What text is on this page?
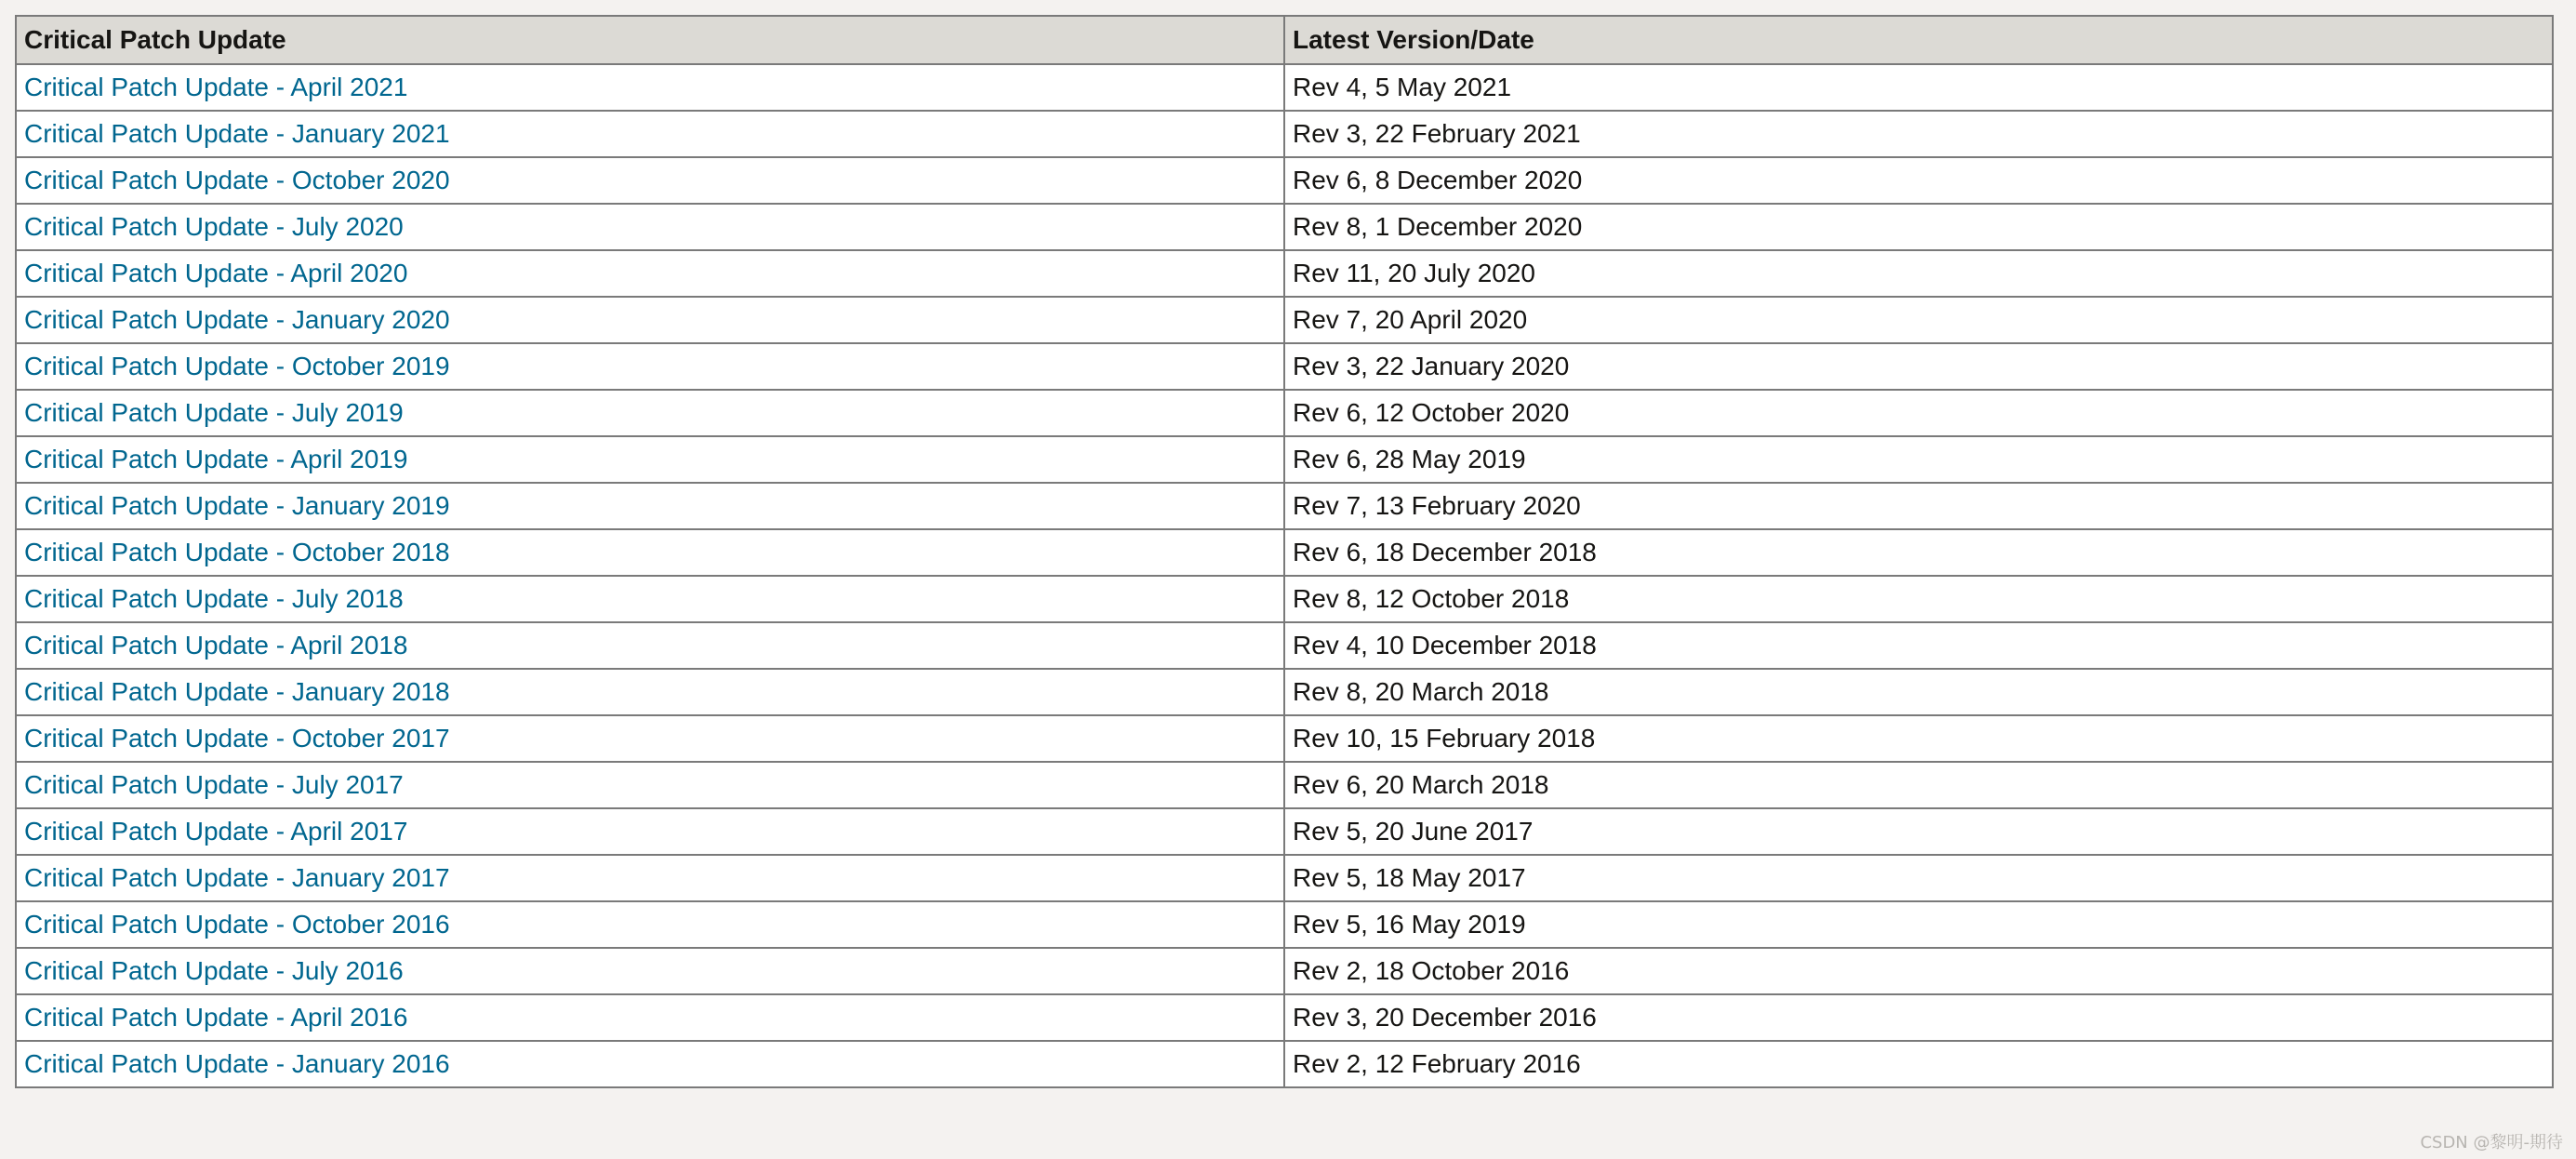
Critical Patch Update	Latest Version/Date
Critical Patch Update - April 2021	Rev 4, 5 May 2021
Critical Patch Update - January 2021	Rev 3, 22 February 2021
Critical Patch Update - October 2020	Rev 6, 8 December 2020
Critical Patch Update - July 2020	Rev 8, 1 December 2020
Critical Patch Update - April 2020	Rev 11, 20 July 2020
Critical Patch Update - January 2020	Rev 7, 20 April 2020
Critical Patch Update - October 2019	Rev 3, 22 January 2020
Critical Patch Update - July 2019	Rev 6, 12 October 2020
Critical Patch Update - April 2019	Rev 6, 28 May 2019
Critical Patch Update - January 2019	Rev 7, 13 February 2020
Critical Patch Update - October 2018	Rev 6, 18 December 2018
Critical Patch Update - July 2018	Rev 8, 12 October 2018
Critical Patch Update - April 2018	Rev 4, 10 December 2018
Critical Patch Update - January 2018	Rev 8, 20 March 2018
Critical Patch Update - October 2017	Rev 10, 15 February 2018
Critical Patch Update - July 2017	Rev 6, 20 March 2018
Critical Patch Update - April 2017	Rev 5, 20 June 2017
Critical Patch Update - January 2017	Rev 5, 18 May 2017
Critical Patch Update - October 2016	Rev 5, 16 May 2019
Critical Patch Update - July 2016	Rev 2, 18 October 2016
Critical Patch Update - April 2016	Rev 3, 20 December 2016
Critical Patch Update - January 2016	Rev 2, 12 February 2016
CSDN @黎明-期待
